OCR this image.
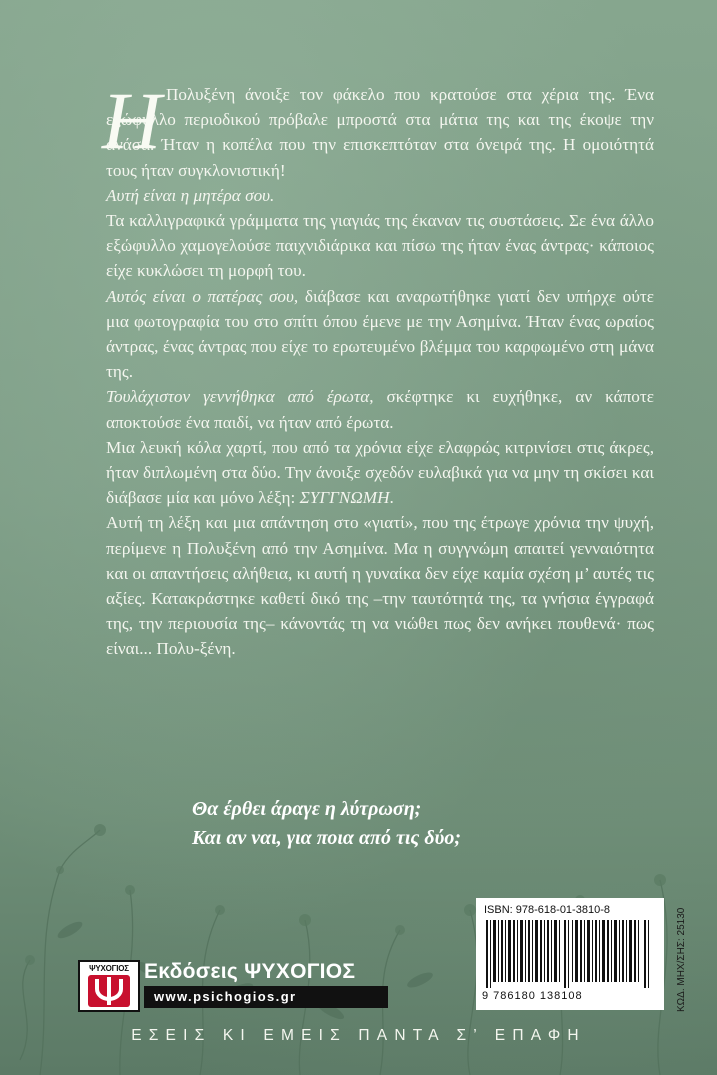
Η Πολυξένη άνοιξε τον φάκελο που κρατούσε στα χέρια της. Ένα εξώφυλλο περιοδικού πρόβαλε μπροστά στα μάτια της και της έκοψε την ανάσα. Ήταν η κοπέλα που την επισκεπτόταν στα όνειρά της. Η ομοιότητά τους ήταν συγκλονιστική!

Αυτή είναι η μητέρα σου.

Τα καλλιγραφικά γράμματα της γιαγιάς της έκαναν τις συστάσεις. Σε ένα άλλο εξώφυλλο χαμογελούσε παιχνιδιάρικα και πίσω της ήταν ένας άντρας· κάποιος είχε κυκλώσει τη μορφή του.

Αυτός είναι ο πατέρας σου, διάβασε και αναρωτήθηκε γιατί δεν υπήρχε ούτε μια φωτογραφία του στο σπίτι όπου έμενε με την Ασημίνα. Ήταν ένας ωραίος άντρας, ένας άντρας που είχε το ερωτευμένο βλέμμα του καρφωμένο στη μάνα της.

Τουλάχιστον γεννήθηκα από έρωτα, σκέφτηκε κι ευχήθηκε, αν κάποτε αποκτούσε ένα παιδί, να ήταν από έρωτα.

Μια λευκή κόλα χαρτί, που από τα χρόνια είχε ελαφρώς κιτρινίσει στις άκρες, ήταν διπλωμένη στα δύο. Την άνοιξε σχεδόν ευλαβικά για να μην τη σκίσει και διάβασε μία και μόνο λέξη: ΣΥΓΓΝΩΜΗ.

Αυτή τη λέξη και μια απάντηση στο «γιατί», που της έτρωγε χρόνια την ψυχή, περίμενε η Πολυξένη από την Ασημίνα. Μα η συγγνώμη απαιτεί γενναιότητα και οι απαντήσεις αλήθεια, κι αυτή η γυναίκα δεν είχε καμία σχέση μ’ αυτές τις αξίες. Κατακράστηκε καθετί δικό της –την ταυτότητά της, τα γνήσια έγγραφά της, την περιουσία της– κάνοντάς τη να νιώθει πως δεν ανήκει πουθενά· πως είναι... Πολυ-ξένη.

Θα έρθει άραγε η λύτρωση;
Και αν ναι, για ποια από τις δύο;
ISBN: 978-618-01-3810-8
9 786180 138108	ΚΩΔ. ΜΗΧ/ΣΗΣ: 25130
ΨΥΧΟΓΙΟΣ Εκδόσεις ΨΥΧΟΓΙΟΣ
www.psichogios.gr
ΕΣΕΙΣ ΚΙ ΕΜΕΙΣ ΠΑΝΤΑ Σ’ ΕΠΑΦΗ
